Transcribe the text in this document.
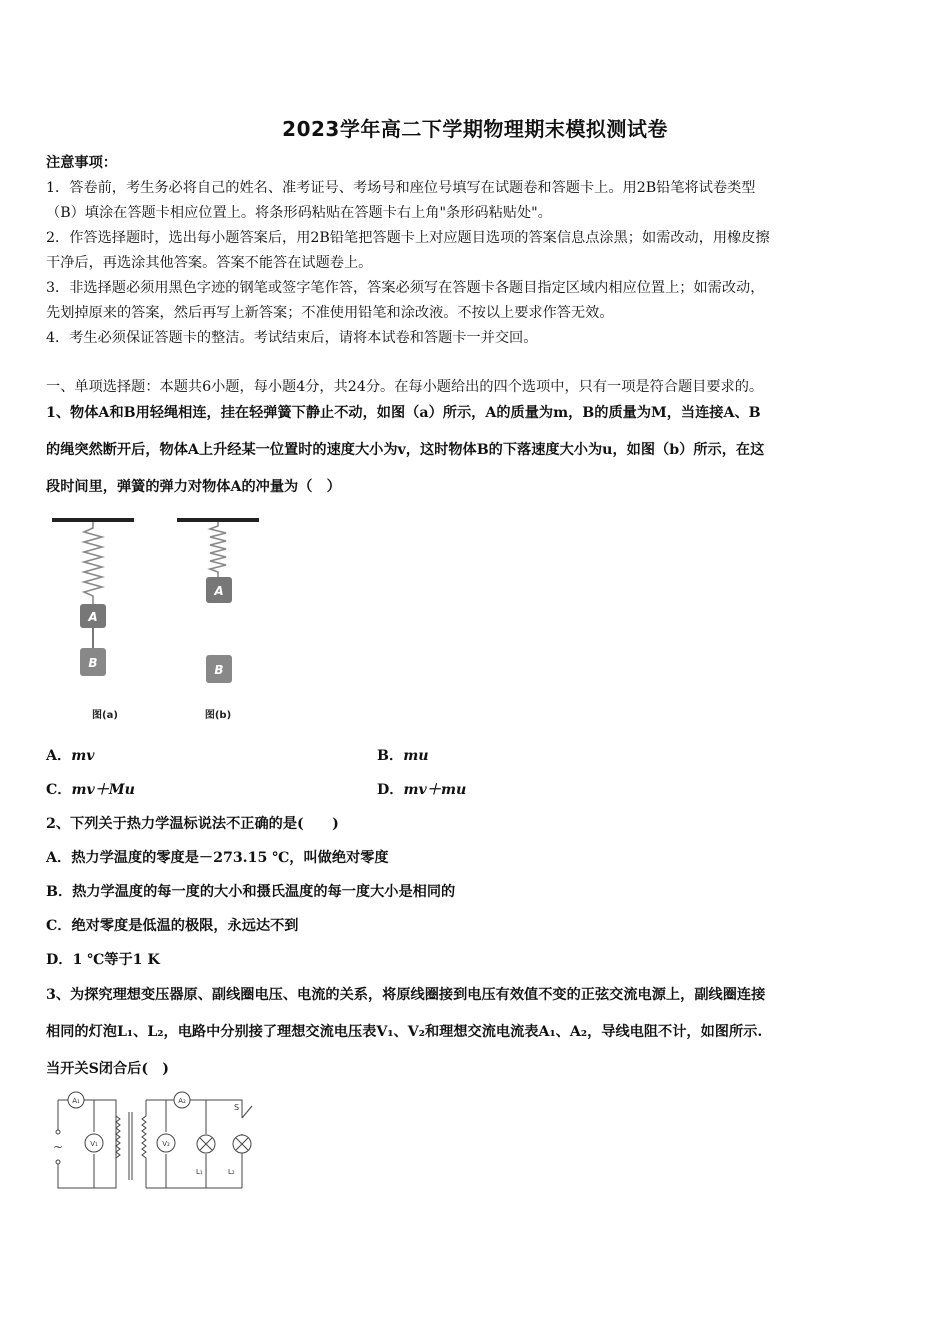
2023学年高二下学期物理期末模拟测试卷
注意事项：
1．答卷前，考生务必将自己的姓名、准考证号、考场号和座位号填写在试题卷和答题卡上。用2B铅笔将试卷类型
（B）填涂在答题卡相应位置上。将条形码粘贴在答题卡右上角"条形码粘贴处"。
2．作答选择题时，选出每小题答案后，用2B铅笔把答题卡上对应题目选项的答案信息点涂黑；如需改动，用橡皮擦
干净后，再选涂其他答案。答案不能答在试题卷上。
3．非选择题必须用黑色字迹的钢笔或签字笔作答，答案必须写在答题卡各题目指定区域内相应位置上；如需改动，
先划掉原来的答案，然后再写上新答案；不准使用铅笔和涂改液。不按以上要求作答无效。
4．考生必须保证答题卡的整洁。考试结束后，请将本试卷和答题卡一并交回。
一、单项选择题：本题共6小题，每小题4分，共24分。在每小题给出的四个选项中，只有一项是符合题目要求的。
1、物体A和B用轻绳相连，挂在轻弹簧下静止不动，如图（a）所示，A的质量为m，B的质量为M，当连接A、B
的绳突然断开后，物体A上升经某一位置时的速度大小为v，这时物体B的下落速度大小为u，如图（b）所示，在这
段时间里，弹簧的弹力对物体A的冲量为（　）
A
B
图(a)
A
B
图(b)
A．mv	B．mu
C．mv＋Mu	D．mv＋mu
2、下列关于热力学温标说法不正确的是(　　)
A．热力学温度的零度是－273.15 ℃，叫做绝对零度
B．热力学温度的每一度的大小和摄氏温度的每一度大小是相同的
C．绝对零度是低温的极限，永远达不到
D．1 ℃等于1 K
3、为探究理想变压器原、副线圈电压、电流的关系，将原线圈接到电压有效值不变的正弦交流电源上，副线圈连接
相同的灯泡L₁、L₂，电路中分别接了理想交流电压表V₁、V₂和理想交流电流表A₁、A₂，导线电阻不计，如图所示.
当开关S闭合后(　)
~
A₁
V₁
A₂
V₂
L₁	L₂
S
